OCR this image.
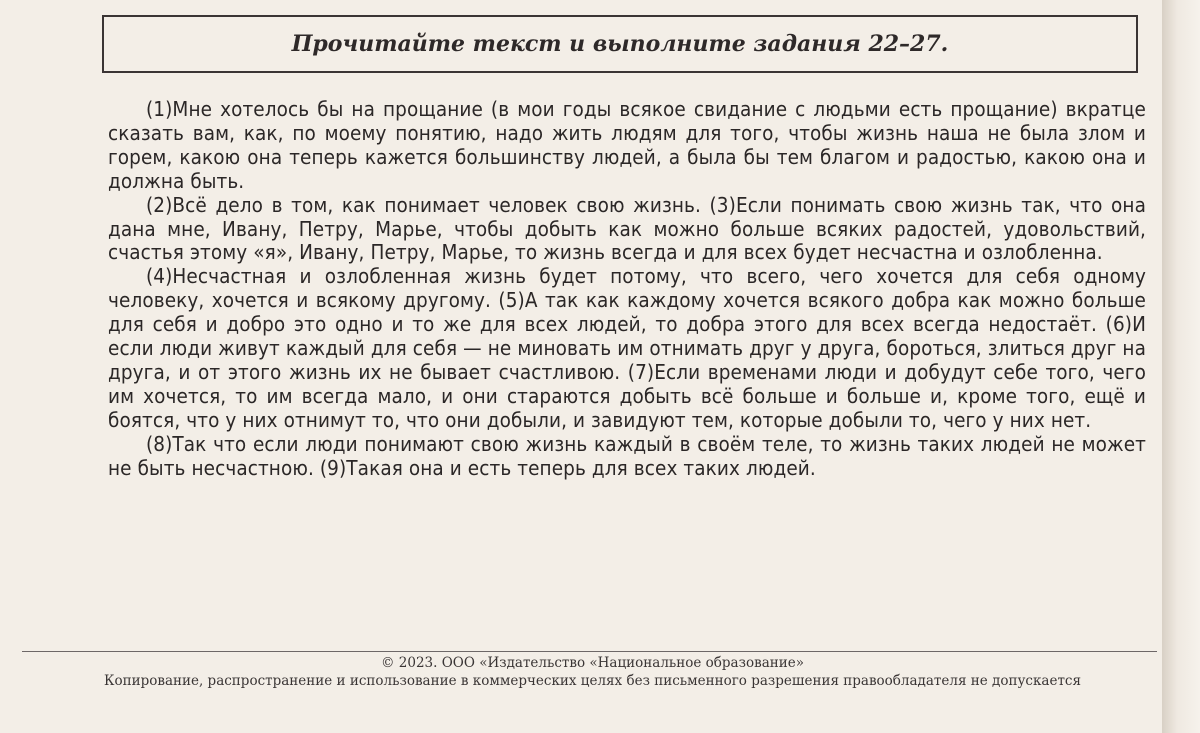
Прочитайте текст и выполните задания 22–27.

(1)Мне хотелось бы на прощание (в мои годы всякое свидание с людьми есть прощание) вкратце сказать вам, как, по моему понятию, надо жить людям для того, чтобы жизнь наша не была злом и горем, какою она теперь кажется большинству людей, а была бы тем благом и радостью, какою она и должна быть.

(2)Всё дело в том, как понимает человек свою жизнь. (3)Если понимать свою жизнь так, что она дана мне, Ивану, Петру, Марье, чтобы добыть как можно больше всяких радостей, удовольствий, счастья этому «я», Ивану, Петру, Марье, то жизнь всегда и для всех будет несчастна и озлобленна.

(4)Несчастная и озлобленная жизнь будет потому, что всего, чего хочется для себя одному человеку, хочется и всякому другому. (5)А так как каждому хочется всякого добра как можно больше для себя и добро это одно и то же для всех людей, то добра этого для всех всегда недостаёт. (6)И если люди живут каждый для себя — не миновать им отнимать друг у друга, бороться, злиться друг на друга, и от этого жизнь их не бывает счастливою. (7)Если временами люди и добудут себе того, чего им хочется, то им всегда мало, и они стараются добыть всё больше и больше и, кроме того, ещё и боятся, что у них отнимут то, что они добыли, и завидуют тем, которые добыли то, чего у них нет.

(8)Так что если люди понимают свою жизнь каждый в своём теле, то жизнь таких людей не может не быть несчастною. (9)Такая она и есть теперь для всех таких людей.

© 2023. ООО «Издательство «Национальное образование»
Копирование, распространение и использование в коммерческих целях без письменного разрешения правообладателя не допускается
